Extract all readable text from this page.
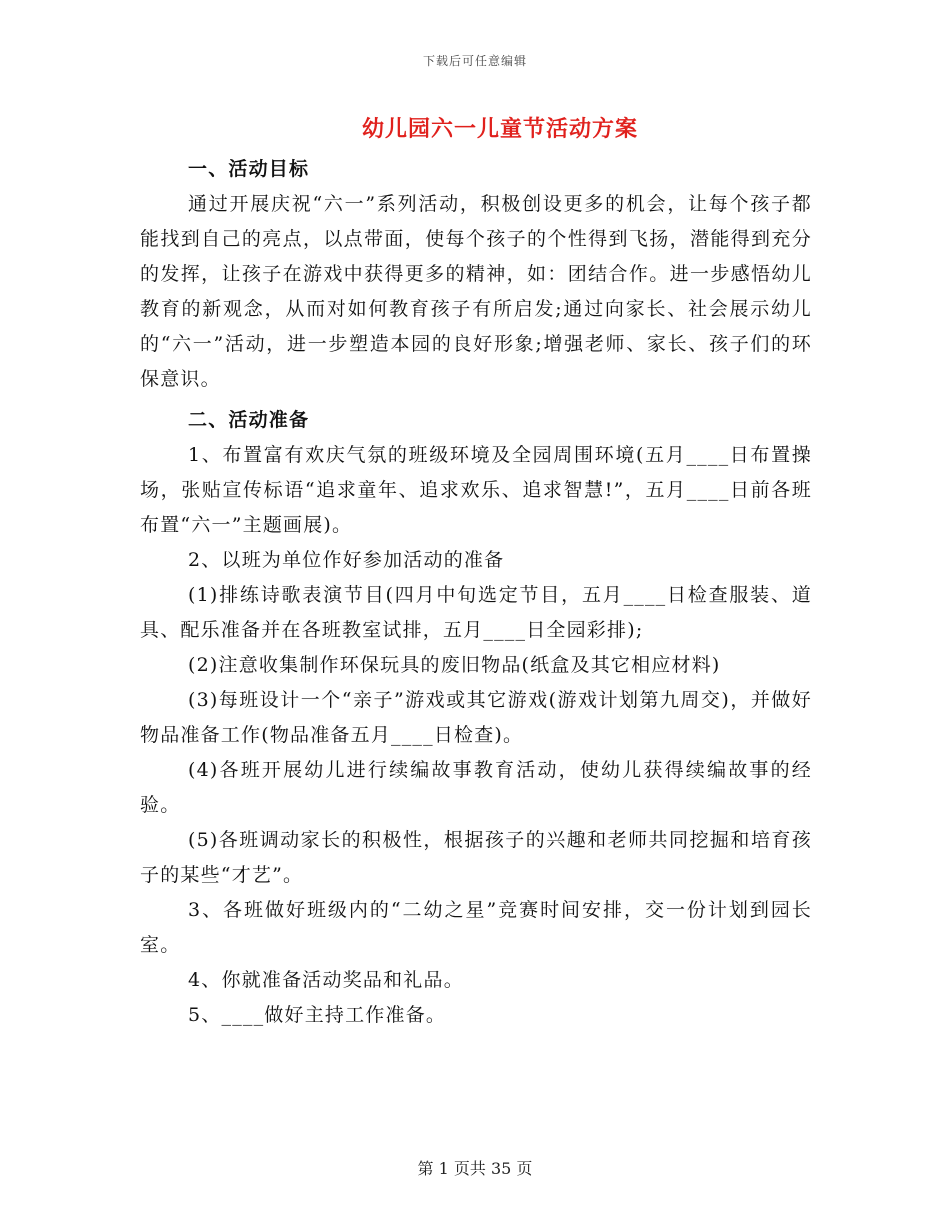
下载后可任意编辑
幼儿园六一儿童节活动方案

一、活动目标

通过开展庆祝“六一”系列活动，积极创设更多的机会，让每个孩子都能找到自己的亮点，以点带面，使每个孩子的个性得到飞扬，潜能得到充分的发挥，让孩子在游戏中获得更多的精神，如：团结合作。进一步感悟幼儿教育的新观念，从而对如何教育孩子有所启发;通过向家长、社会展示幼儿的“六一”活动，进一步塑造本园的良好形象;增强老师、家长、孩子们的环保意识。

二、活动准备

1、布置富有欢庆气氛的班级环境及全园周围环境(五月____日布置操场，张贴宣传标语“追求童年、追求欢乐、追求智慧!”，五月____日前各班布置“六一”主题画展)。

2、以班为单位作好参加活动的准备

(1)排练诗歌表演节目(四月中旬选定节目，五月____日检查服装、道具、配乐准备并在各班教室试排，五月____日全园彩排);

(2)注意收集制作环保玩具的废旧物品(纸盒及其它相应材料)

(3)每班设计一个“亲子”游戏或其它游戏(游戏计划第九周交)，并做好物品准备工作(物品准备五月____日检查)。

(4)各班开展幼儿进行续编故事教育活动，使幼儿获得续编故事的经验。

(5)各班调动家长的积极性，根据孩子的兴趣和老师共同挖掘和培育孩子的某些“才艺”。

3、各班做好班级内的“二幼之星”竞赛时间安排，交一份计划到园长室。

4、你就准备活动奖品和礼品。

5、____做好主持工作准备。

第 1 页共 35 页
